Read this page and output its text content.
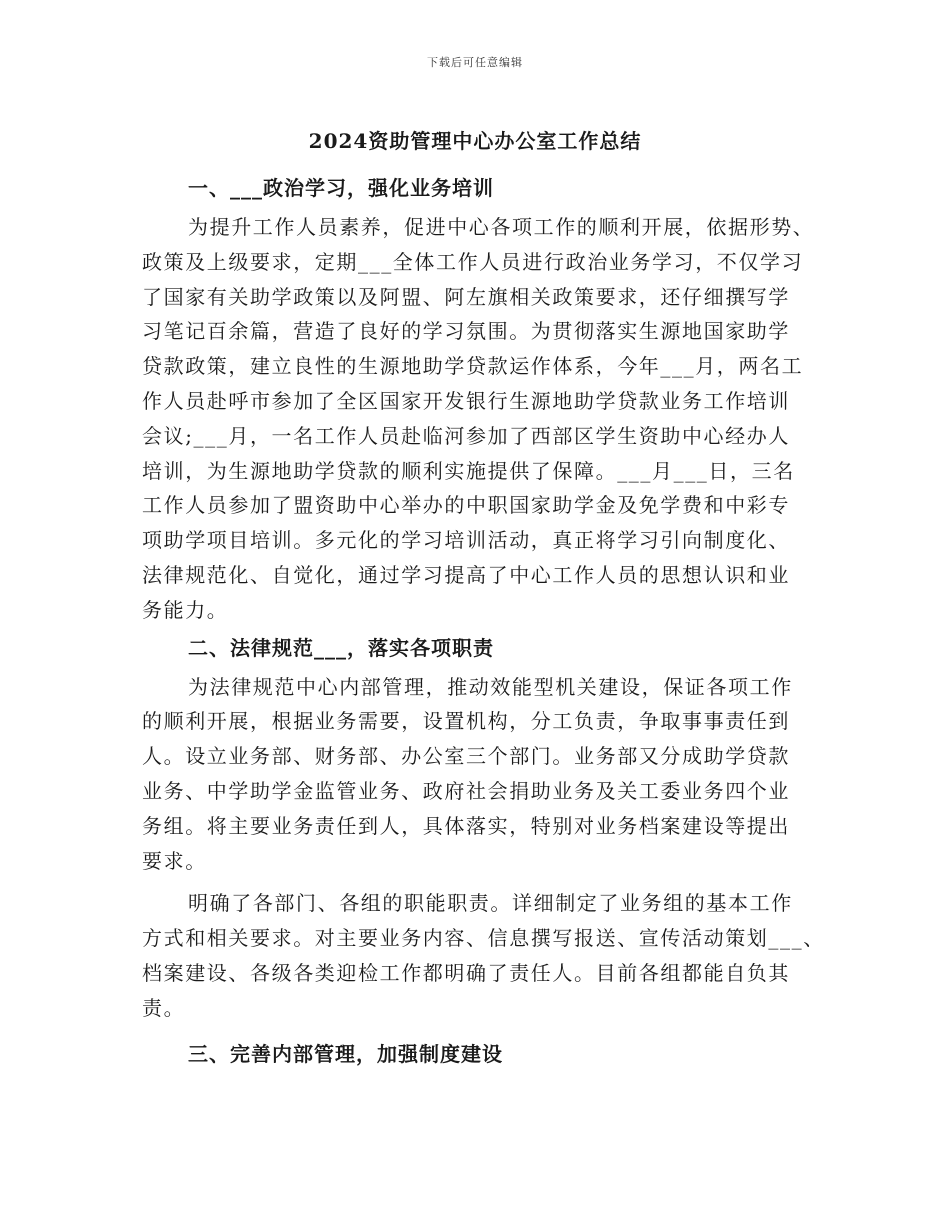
下载后可任意编辑
2024资助管理中心办公室工作总结
一、___政治学习，强化业务培训

为提升工作人员素养，促进中心各项工作的顺利开展，依据形势、
政策及上级要求，定期___全体工作人员进行政治业务学习，不仅学习
了国家有关助学政策以及阿盟、阿左旗相关政策要求，还仔细撰写学
习笔记百余篇，营造了良好的学习氛围。为贯彻落实生源地国家助学
贷款政策，建立良性的生源地助学贷款运作体系，今年___月，两名工
作人员赴呼市参加了全区国家开发银行生源地助学贷款业务工作培训
会议;___月，一名工作人员赴临河参加了西部区学生资助中心经办人
培训，为生源地助学贷款的顺利实施提供了保障。___月___日，三名
工作人员参加了盟资助中心举办的中职国家助学金及免学费和中彩专
项助学项目培训。多元化的学习培训活动，真正将学习引向制度化、
法律规范化、自觉化，通过学习提高了中心工作人员的思想认识和业
务能力。

二、法律规范___，落实各项职责

为法律规范中心内部管理，推动效能型机关建设，保证各项工作
的顺利开展，根据业务需要，设置机构，分工负责，争取事事责任到
人。设立业务部、财务部、办公室三个部门。业务部又分成助学贷款
业务、中学助学金监管业务、政府社会捐助业务及关工委业务四个业
务组。将主要业务责任到人，具体落实，特别对业务档案建设等提出
要求。

明确了各部门、各组的职能职责。详细制定了业务组的基本工作
方式和相关要求。对主要业务内容、信息撰写报送、宣传活动策划___、
档案建设、各级各类迎检工作都明确了责任人。目前各组都能自负其
责。

三、完善内部管理，加强制度建设
